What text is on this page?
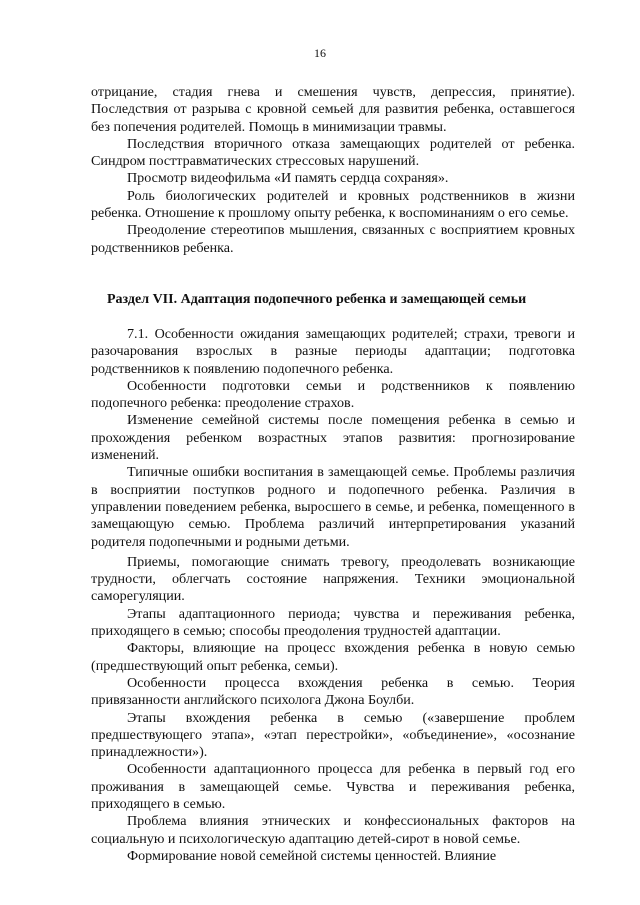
16

отрицание, стадия гнева и смешения чувств, депрессия, принятие). Последствия от разрыва с кровной семьей для развития ребенка, оставшегося без попечения родителей. Помощь в минимизации травмы.

Последствия вторичного отказа замещающих родителей от ребенка. Синдром посттравматических стрессовых нарушений.

Просмотр видеофильма «И память сердца сохраняя».

Роль биологических родителей и кровных родственников в жизни ребенка. Отношение к прошлому опыту ребенка, к воспоминаниям о его семье.

Преодоление стереотипов мышления, связанных с восприятием кровных родственников ребенка.

Раздел VII. Адаптация подопечного ребенка и замещающей семьи

7.1. Особенности ожидания замещающих родителей; страхи, тревоги и разочарования взрослых в разные периоды адаптации; подготовка родственников к появлению подопечного ребенка.

Особенности подготовки семьи и родственников к появлению подопечного ребенка: преодоление страхов.

Изменение семейной системы после помещения ребенка в семью и прохождения ребенком возрастных этапов развития: прогнозирование изменений.

Типичные ошибки воспитания в замещающей семье. Проблемы различия в восприятии поступков родного и подопечного ребенка. Различия в управлении поведением ребенка, выросшего в семье, и ребенка, помещенного в замещающую семью. Проблема различий интерпретирования указаний родителя подопечными и родными детьми.

Приемы, помогающие снимать тревогу, преодолевать возникающие трудности, облегчать состояние напряжения. Техники эмоциональной саморегуляции.

Этапы адаптационного периода; чувства и переживания ребенка, приходящего в семью; способы преодоления трудностей адаптации.

Факторы, влияющие на процесс вхождения ребенка в новую семью (предшествующий опыт ребенка, семьи).

Особенности процесса вхождения ребенка в семью. Теория привязанности английского психолога Джона Боулби.

Этапы вхождения ребенка в семью («завершение проблем предшествующего этапа», «этап перестройки», «объединение», «осознание принадлежности»).

Особенности адаптационного процесса для ребенка в первый год его проживания в замещающей семье. Чувства и переживания ребенка, приходящего в семью.

Проблема влияния этнических и конфессиональных факторов на социальную и психологическую адаптацию детей-сирот в новой семье.

Формирование новой семейной системы ценностей. Влияние
